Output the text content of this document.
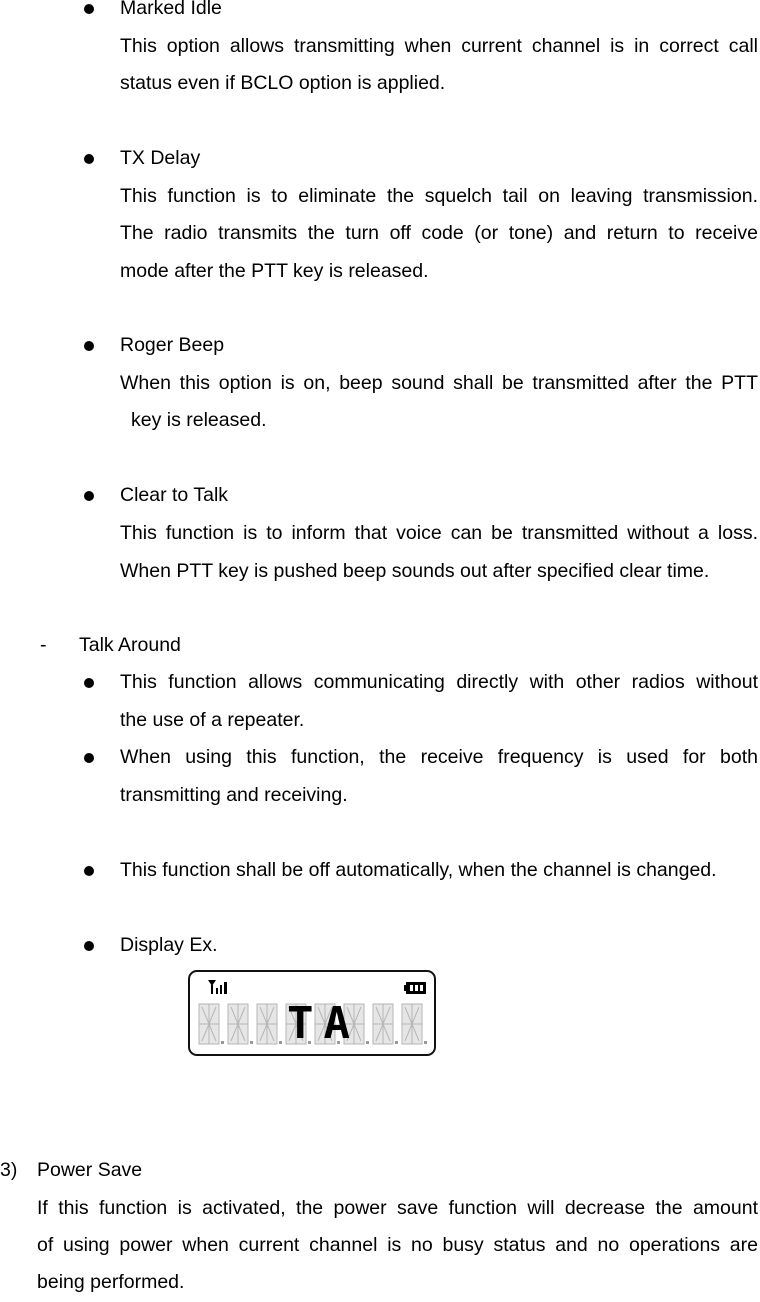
Marked Idle
This option allows transmitting when current channel is in correct call
status even if BCLO option is applied.
TX Delay
This function is to eliminate the squelch tail on leaving transmission.
The radio transmits the turn off code (or tone) and return to receive
mode after the PTT key is released.
Roger Beep
When this option is on, beep sound shall be transmitted after the PTT
key is released.
Clear to Talk
This function is to inform that voice can be transmitted without a loss.
When PTT key is pushed beep sounds out after specified clear time.
- Talk Around
This function allows communicating directly with other radios without
the use of a repeater.
When using this function, the receive frequency is used for both
transmitting and receiving.
This function shall be off automatically, when the channel is changed.
Display Ex.
TA
3) Power Save
If this function is activated, the power save function will decrease the amount
of using power when current channel is no busy status and no operations are
being performed.
